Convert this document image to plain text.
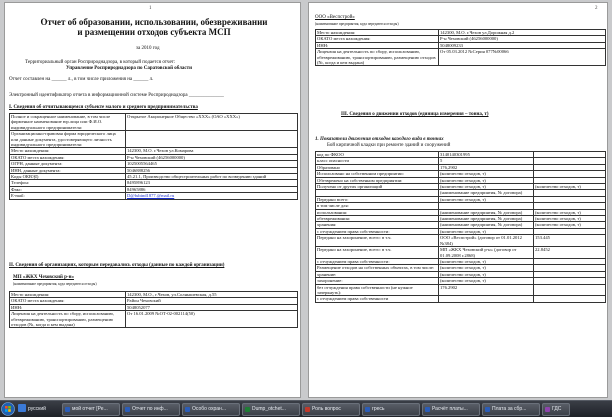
1
Отчет об образовании, использовании, обезвреживании и размещении отходов субъекта МСП
за 2010 год
Территориальный орган Росприроднадзора, в который подается отчет:
Управление Росприроднадзора по Саратовской области
Отчет составлен на ______ л., в том числе приложения на ______ л.
Электронный идентификатор отчета в информационной системе Росприроднадзора ______________
I. Сведения об отчитывающемся субъекте малого и среднего предпринимательства
Полное и сокращенное наименование, в том числе фирменное наименование юр.лица или Ф.И.О. индивидуального предпринимателя:	Открытое Акционерное Общество «XXX» (ОАО «XXX»)
Организационно-правовая форма юридического лица или данные документа, удостоверяющего личность индивидуального предпринимателя:	
Место нахождения:	142300, М.О. г.Чехов ул.Комарова
ОКАТО места нахождения:	Р-н Чеховский (46256000000)
ОГРН, данные документа:	1025005564465
ИНН, данные документа:	5046888256
Коды ОКВЭД:	45.21.1, Производство общестроительных работ по возведению зданий
Телефон:	8495896123
Факс:	84965886
E-mail:	D@fubind1877.@mail.ru
II. Сведения об организациях, которым передавались отходы (данные по каждой организации)
МП «ЖКХ Чеховский р-н»
(наименование предприятия, куда передаются отходы)
Место нахождения:	142300, М.О., г.Чехов, ул.Солнышевская, д.55
ОКАТО места нахождения:	Район Чеховский
ИНН:	5048052077
Лицензия на деятельность по сбору, использованию, обезвреживанию, транспортированию, размещению отходов (№, когда и кем выдана)	От 16.01.2009 №ОТ-02-002114(50)
2
ООО «Веспстрой»
(наименование предприятия, куда передаются отходы)
Место нахождения:	142300, М.О. г.Чехов ул.Дорожная д.2
ОКАТО места нахождения:	Р-н Чеховский (46256000000)
ИНН:	5048009233
Лицензия на деятельность по сбору, использованию, обезвреживанию, транспортированию, размещению отходов (№, когда и кем выдана)	От 05.03.2012 №Серия 077№00066
III. Сведения о движении отходов (единица измерения – тонна, т)
1. Показатели движения отходов каждого вида в тоннах
Бой кирпичной кладки при ремонте зданий и сооружений
код по ФКОО	3140140301995	
класс опасности	5	
Образовано	176,2902	
Использовано на собственном предприятии:	(количество отходов, т)	
Обезврежено на собственном предприятии:	(количество отходов, т)	
Получено от других организаций	(количество отходов, т)	(количество отходов, т)
	(наименование предприятия, № договора)	
Передано всего:	(количество отходов, т)	
в том числе для:		
использования:	(наименование предприятия, № договора)	(количество отходов, т)
обезвреживания:	(наименование предприятия, № договора)	(количество отходов, т)
хранения:	(наименование предприятия, № договора)	(количество отходов, т)
с отчуждением права собственности:	(количество отходов, т)	
Передано на захоронение, всего: в т.ч.	ООО «Веспстрой» (договор от 01.01.2012 №384)	153.445
Передано на захоронение, всего: в т.ч.	МП «ЖКХ Чеховский р-н» (договор от 01.09.2008 г.2868)	22.8452
с отчуждением права собственности:	(количество отходов, т)	
Размещение отходов на собственных объектах, в том числе:	(количество отходов, т)	
хранение:	(количество отходов, т)	
захоронение:	(количество отходов, т)	
без отчуждения права собственности (не нужное зачеркнуть):	176.2902	
с отчуждением права собственности		
русский	мой отчет [Ре...	Отчет по инф...	Особо охран...	Dump_otchet...	Роль вопрос	гресь	Расчёт платы...	Плата за сбр...	ГДС
